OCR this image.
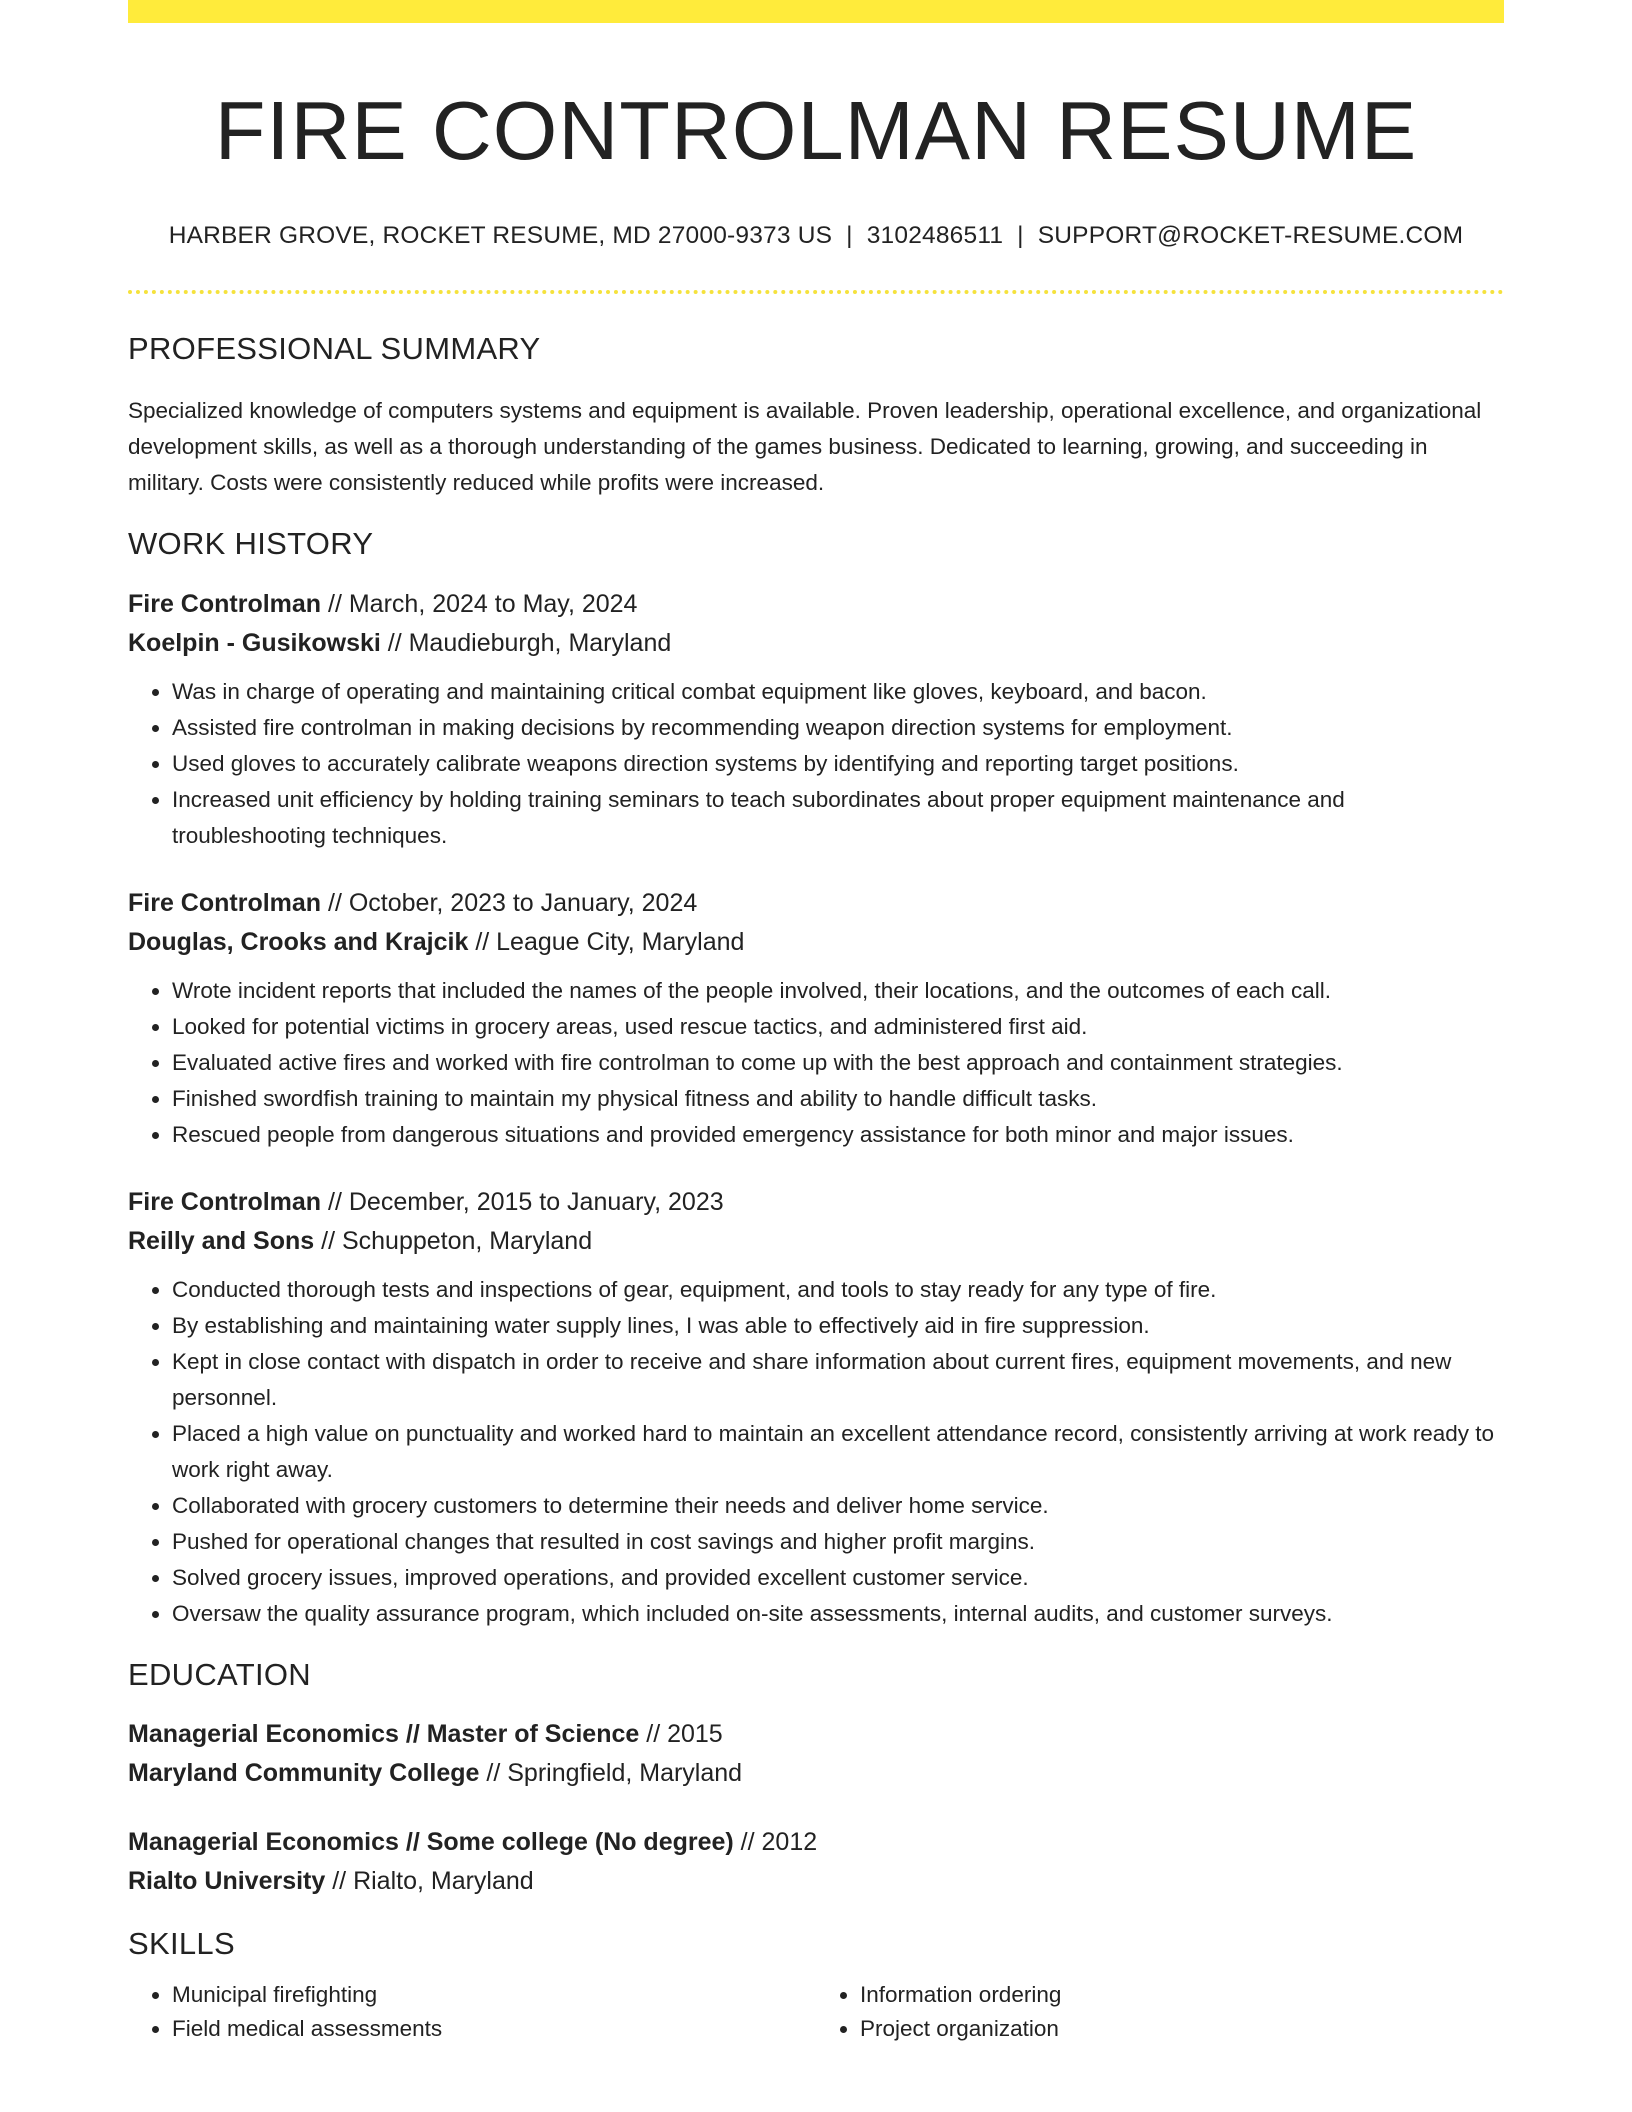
FIRE CONTROLMAN RESUME
HARBER GROVE, ROCKET RESUME, MD 27000-9373 US | 3102486511 | SUPPORT@ROCKET-RESUME.COM
PROFESSIONAL SUMMARY

Specialized knowledge of computers systems and equipment is available. Proven leadership, operational excellence, and organizational development skills, as well as a thorough understanding of the games business. Dedicated to learning, growing, and succeeding in military. Costs were consistently reduced while profits were increased.

WORK HISTORY
Fire Controlman // March, 2024 to May, 2024
Koelpin - Gusikowski // Maudieburgh, Maryland
• Was in charge of operating and maintaining critical combat equipment like gloves, keyboard, and bacon.
• Assisted fire controlman in making decisions by recommending weapon direction systems for employment.
• Used gloves to accurately calibrate weapons direction systems by identifying and reporting target positions.
• Increased unit efficiency by holding training seminars to teach subordinates about proper equipment maintenance and troubleshooting techniques.
Fire Controlman // October, 2023 to January, 2024
Douglas, Crooks and Krajcik // League City, Maryland
• Wrote incident reports that included the names of the people involved, their locations, and the outcomes of each call.
• Looked for potential victims in grocery areas, used rescue tactics, and administered first aid.
• Evaluated active fires and worked with fire controlman to come up with the best approach and containment strategies.
• Finished swordfish training to maintain my physical fitness and ability to handle difficult tasks.
• Rescued people from dangerous situations and provided emergency assistance for both minor and major issues.
Fire Controlman // December, 2015 to January, 2023
Reilly and Sons // Schuppeton, Maryland
• Conducted thorough tests and inspections of gear, equipment, and tools to stay ready for any type of fire.
• By establishing and maintaining water supply lines, I was able to effectively aid in fire suppression.
• Kept in close contact with dispatch in order to receive and share information about current fires, equipment movements, and new personnel.
• Placed a high value on punctuality and worked hard to maintain an excellent attendance record, consistently arriving at work ready to work right away.
• Collaborated with grocery customers to determine their needs and deliver home service.
• Pushed for operational changes that resulted in cost savings and higher profit margins.
• Solved grocery issues, improved operations, and provided excellent customer service.
• Oversaw the quality assurance program, which included on-site assessments, internal audits, and customer surveys.
EDUCATION
Managerial Economics // Master of Science // 2015
Maryland Community College // Springfield, Maryland
Managerial Economics // Some college (No degree) // 2012
Rialto University // Rialto, Maryland
SKILLS
• Municipal firefighting
• Field medical assessments
• Information ordering
• Project organization
